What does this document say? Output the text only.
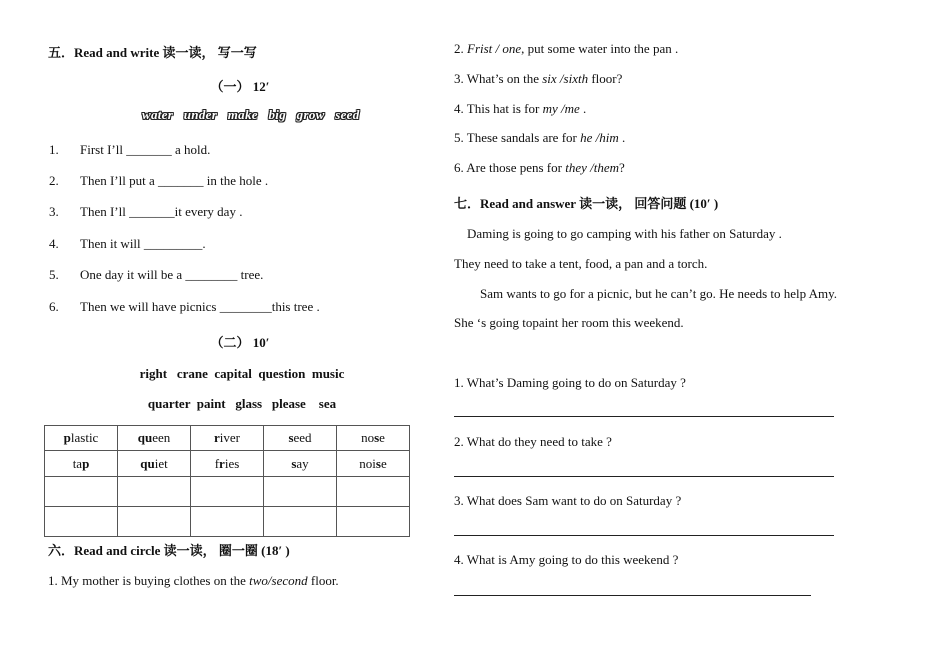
五．Read and write 读一读， 写一写
（一） 12′
water under make big grow seed
1. First I’ll _______ a hold.
2. Then I’ll put a _______ in the hole .
3. Then I’ll _______it every day .
4. Then it will _________.
5. One day it will be a ________ tree.
6. Then we will have picnics ________this tree .
（二） 10′
right   crane  capital  question  music
quarter  paint   glass   please    sea
plastic	queen	river	seed	nose
tap	quiet	fries	say	noise

六．Read and circle 读一读， 圈一圈 (18′ )
1. My mother is buying clothes on the two/second floor.
2. Frist / one, put some water into the pan .
3. What’s on the six /sixth floor?
4. This hat is for my /me .
5. These sandals are for he /him .
6. Are those pens for they /them?
七．Read and answer 读一读， 回答问题 (10′ )
Daming is going to go camping with his father on Saturday .
They need to take a tent, food, a pan and a torch.
Sam wants to go for a picnic, but he can’t go. He needs to help Amy.
She ‘s going topaint her room this weekend.
1. What’s Daming going to do on Saturday ?
2. What do they need to take ?
3. What does Sam want to do on Saturday ?
4. What is Amy going to do this weekend ?
